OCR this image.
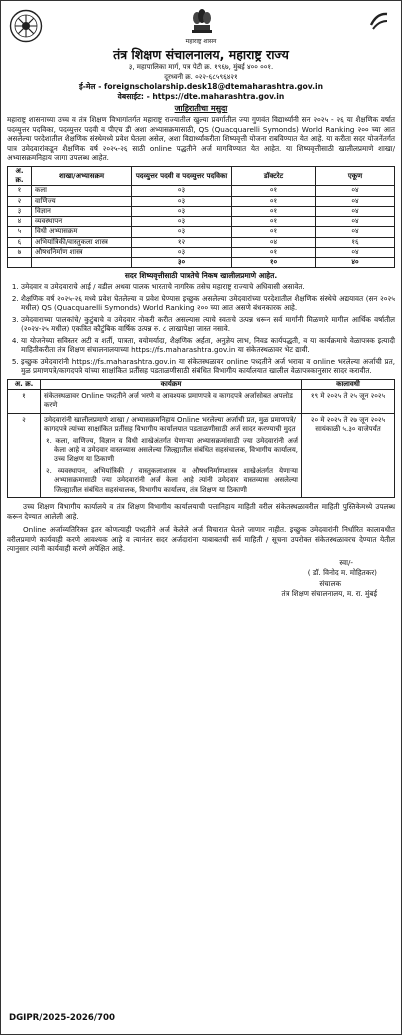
महाराष्ट्र शासन
तंत्र शिक्षण संचालनालय, महाराष्ट्र राज्य
३, महापालिका मार्ग, पत्र पेटी क्र. १९६७, मुंबई ४०० ००१.
दूरध्वनी क्र. ०२२-६८५९६४२१
ई-मेल - foreignscholarship.desk18@dtemaharashtra.gov.in
वेबसाईट: - https://dte.maharashtra.gov.in
जाहिरातीचा मसुदा
महाराष्ट्र शासनाच्या उच्च व तंत्र शिक्षण विभागांतर्गत महाराष्ट्र राज्यातील खुल्या प्रवर्गातील ज्या गुणवंत विद्यार्थ्यांनी सन २०२५ - २६ या शैक्षणिक वर्षात पदव्युत्तर पदविका, पदव्युत्तर पदवी व पीएच डी अशा अभ्यासक्रमासाठी, QS (Quacquarelli Symonds) World Ranking २०० च्या आत असलेल्या परदेशातील शैक्षणिक संस्थेमध्ये प्रवेश घेतला असेल, अशा विद्यार्थ्यांकरीता शिष्यवृत्ती योजना राबविण्यात येत आहे. या करीता सदर योजनेंतर्गत पात्र उमेदवारांकडून शैक्षणिक वर्ष २०२५-२६ साठी online पद्धतीने अर्ज मागविण्यात येत आहेत. या शिष्यवृत्तीसाठी खालीलप्रमाणे शाखा/अभ्यासक्रमनिहाय जागा उपलब्ध आहेत.
अ. क्र.	शाखा/अभ्यासक्रम	पदव्युत्तर पदवी व पदव्युत्तर पदविका	डॉक्टरेट	एकूण
१	कला	०३	०१	०४
२	वाणिज्य	०३	०१	०४
३	विज्ञान	०३	०१	०४
४	व्यवस्थापन	०३	०१	०४
५	विधी अभ्यासक्रम	०३	०१	०४
६	अभियांत्रिकी/वास्तुकला शास्त्र	१२	०४	१६
७	औषधनिर्माण शास्त्र	०३	०१	०४
		३०	१०	४०
सदर शिष्यवृत्तीसाठी पात्रतेचे निकष खालीलप्रमाणे आहेत.
1. उमेदवार व उमेदवाराचे आई / वडील अथवा पालक भारताचे नागरिक तसेच महाराष्ट्र राज्याचे अधिवासी असावेत.
2. शैक्षणिक वर्ष २०२५-२६ मध्ये प्रवेश घेतलेल्या व प्रवेश घेण्यास इच्छुक असलेल्या उमेदवारांच्या परदेशातील शैक्षणिक संस्थेचे अद्ययावत (सन २०२५ मधील) QS (Quacquarelli Symonds) World Ranking २०० च्या आत असणे बंधनकारक आहे.
3. उमेदवाराच्या पालकांचे/ कुटुंबाचे व उमेदवार नोकरी करीत असल्यास त्याचे स्वतःचे उत्पन्न धरून सर्व मार्गांनी मिळणारे मागील आर्थिक वर्षातील (२०२४-२५ मधील) एकत्रित कौटुंबिक वार्षिक उत्पन्न रु. ८ लाखापेक्षा जास्त नसावे.
4. या योजनेच्या सविस्तर अटी व शर्ती, पात्रता, वयोमर्यादा, शैक्षणिक अर्हता, अनुज्ञेय लाभ, निवड कार्यपद्धती, व या कार्यक्रमाचे वेळापत्रक इत्यादी माहितीकरीता तंत्र शिक्षण संचालनालयाच्या https://fs.maharashtra.gov.in या संकेतस्थळावर भेट द्यावी.
5. इच्छुक उमेदवारांनी https://fs.maharashtra.gov.in या संकेतस्थळावर online पध्दतीने अर्ज भरावा व online भरलेल्या अर्जाची प्रत, मुळ प्रमाणपत्रे/कागदपत्रे यांच्या साक्षांकित प्रतींसह पडताळणीसाठी संबंधित विभागीय कार्यालयात खालील वेळापत्रकानुसार सादर करावीत.
अ. क्र.	कार्यक्रम	कालावधी
१	संकेतस्थळावर Online पध्दतीने अर्ज भरणे व आवश्यक प्रमाणपत्रे व कागदपत्रे अर्जासोबत अपलोड करणे	१९ मे २०२५ ते २५ जून २०२५
२	उमेदवारांनी खालीलप्रमाणे शाखा / अभ्यासक्रमनिहाय Online भरलेल्या अर्जाची प्रत, मुळ प्रमाणपत्रे/कागदपत्रे त्यांच्या साक्षांकित प्रतींसह विभागीय कार्यालयात पडताळणीसाठी अर्ज सादर करण्याची मुदत
१. कला, वाणिज्य, विज्ञान व विधी शाखेअंतर्गत येणाऱ्या अभ्यासक्रमांसाठी ज्या उमेदवारांनी अर्ज केला आहे व उमेदवार वास्तव्यास असलेल्या जिल्ह्यातील संबंधित सहसंचालक, विभागीय कार्यालय, उच्च शिक्षण या ठिकाणी
२. व्यवस्थापन, अभियांत्रिकी / वास्तुकलाशास्त्र व औषधनिर्माणशास्त्र शाखेअंतर्गत येणाऱ्या अभ्यासक्रमासाठी ज्या उमेदवारांनी अर्ज केला आहे त्यांनी उमेदवार वास्तव्यास असलेल्या जिल्ह्यातील संबंधित सहसंचालक, विभागीय कार्यालय, तंत्र शिक्षण या ठिकाणी	२० मे २०२५ ते २७ जून २०२५ सायंकाळी ५.३० वाजेपर्यंत
उच्च शिक्षण विभागीय कार्यालये व तंत्र शिक्षण विभागीय कार्यालयाची पत्तानिहाय माहिती वरील संकेतस्थळावरील माहिती पुस्तिकेमध्ये उपलब्ध करून देण्यात आलेली आहे.
Online अर्जाव्यतिरिक्त इतर कोणत्याही पध्दतीने अर्ज केलेले अर्ज विचारात घेतले जाणार नाहीत. इच्छुक उमेदवारांनी निर्धारित कालावधीत वरीलप्रमाणे कार्यवाही करणे आवश्यक आहे व त्यानंतर सदर अर्जदारांना याबाबतची सर्व माहिती / सूचना उपरोक्त संकेतस्थळावरच देण्यात येतील त्यानुसार त्यांनी कार्यवाही करणे अपेक्षित आहे.
स्वा/-
( डॉ. विनोद म. मोहितकर)
संचालक
तंत्र शिक्षण संचालनालय, म. रा. मुंबई
DGIPR/2025-2026/700
